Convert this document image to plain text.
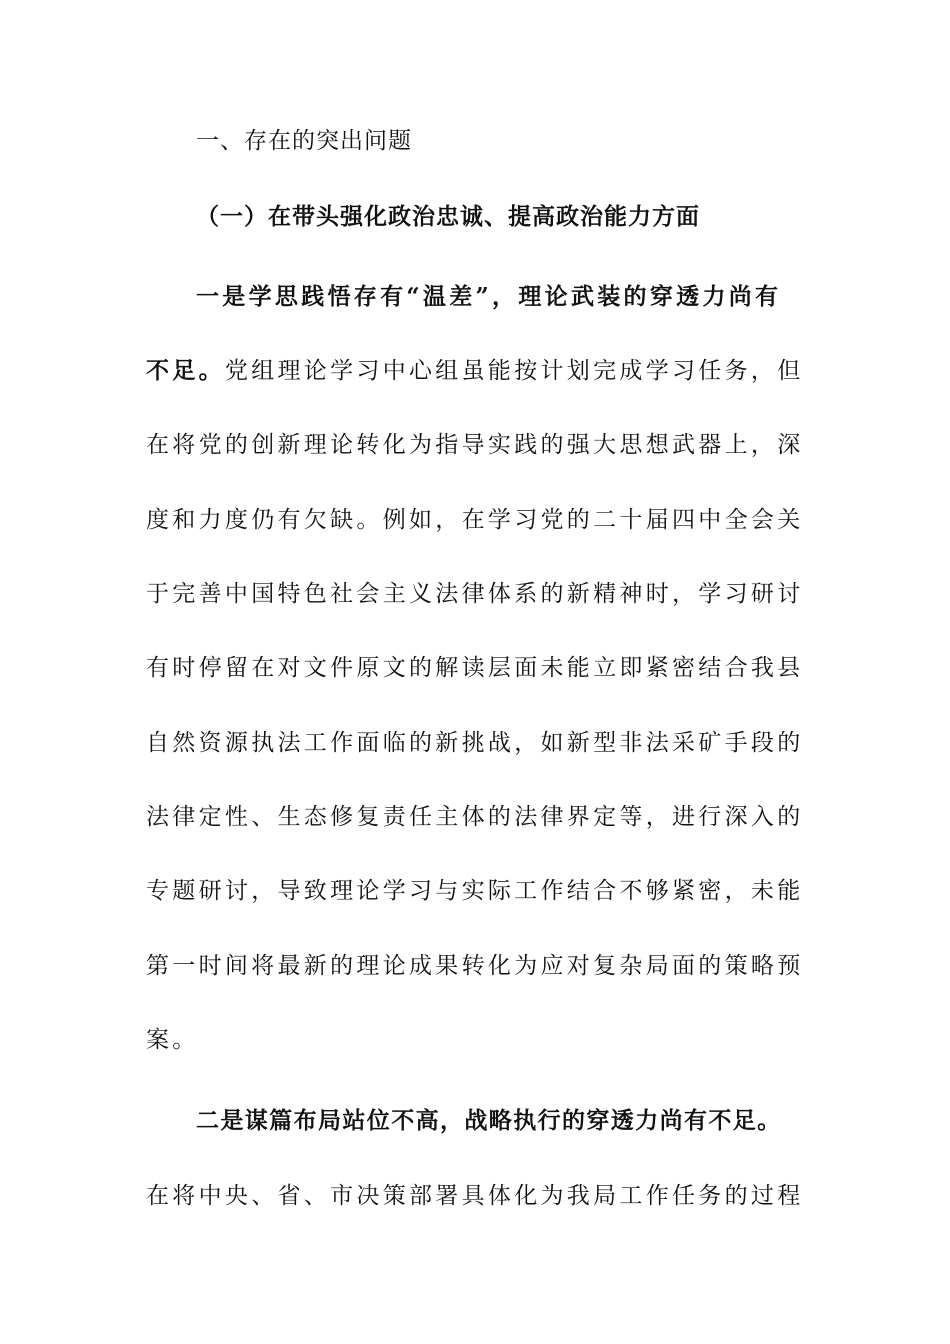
一、存在的突出问题
（一）在带头强化政治忠诚、提高政治能力方面
一是学思践悟存有“温差”，理论武装的穿透力尚有
不足。党组理论学习中心组虽能按计划完成学习任务，但
在将党的创新理论转化为指导实践的强大思想武器上，深
度和力度仍有欠缺。例如，在学习党的二十届四中全会关
于完善中国特色社会主义法律体系的新精神时，学习研讨
有时停留在对文件原文的解读层面未能立即紧密结合我县
自然资源执法工作面临的新挑战，如新型非法采矿手段的
法律定性、生态修复责任主体的法律界定等，进行深入的
专题研讨，导致理论学习与实际工作结合不够紧密，未能
第一时间将最新的理论成果转化为应对复杂局面的策略预
案。
二是谋篇布局站位不高，战略执行的穿透力尚有不足。
在将中央、省、市决策部署具体化为我局工作任务的过程
